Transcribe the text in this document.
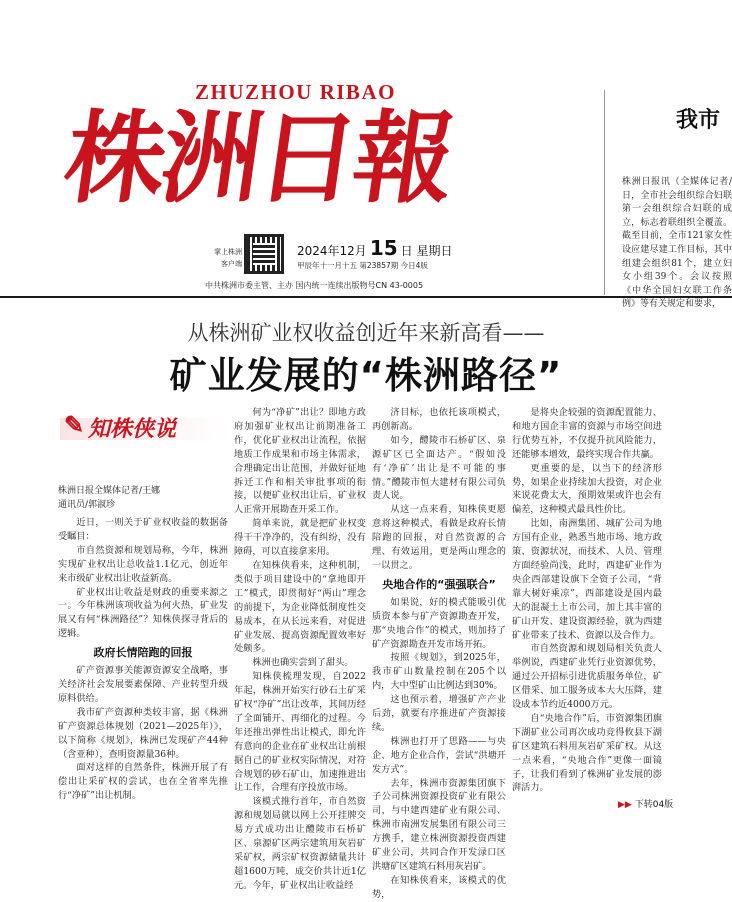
ZHUZHOU RIBAO
株洲日報
掌上株洲
客户端
2024年12月 15 日 星期日
甲辰年十一月十五 第23857期 今日4版
中共株洲市委主管、主办 国内统一连续出版物号CN 43-0005
我市
株洲日报讯（全媒体记者/日，全市社会组织综合妇联第一会组织综合妇联的成立，标志着联组织全覆盖。截至目前，全市121家女性设应建尽建工作目标，其中组建会组织81个，建立妇女小组39个。会议按照《中华全国妇女联工作条例》等有关规定和要求，
从株洲矿业权收益创近年来新高看——
矿业发展的“株洲路径”
✎ 知株侠说
株洲日报全媒体记者/王娜
通讯员/郭淑珍

近日，一则关于矿业权收益的数据备受瞩目：

市自然资源和规划局称，今年，株洲实现矿业权出让总收益1.1亿元，创近年来市级矿业权出让收益新高。

矿业权出让收益是财政的重要来源之一。今年株洲该项收益为何火热，矿业发展又有何“株洲路径”？知株侠探寻背后的逻辑。

政府长情陪跑的回报

矿产资源事关能源资源安全战略，事关经济社会发展要素保障、产业转型升级原料供给。

我市矿产资源种类较丰富，据《株洲矿产资源总体规划（2021—2025年）》，以下简称《规划》，株洲已发现矿产44种（含亚种），查明资源量36种。

面对这样的自然条件，株洲开展了有偿出让采矿权的尝试，也在全省率先推行“净矿”出让机制。

何为“净矿”出让？即地方政府加强矿业权出让前期准备工作，优化矿业权出让流程，依据地质工作成果和市场主体需求，合理确定出让范围，并做好征地拆迁工作和相关审批事项的衔接，以便矿业权出让后，矿业权人正常开展勘查开采工作。

简单来说，就是把矿业权变得干干净净的，没有纠纷，没有障碍，可以直接拿来用。

在知株侠看来，这种机制，类似于项目建设中的“拿地即开工”模式，即贯彻好“两山”理念的前提下，为企业降低制度性交易成本，在从长远来看，对促进矿业发展、提高资源配置效率好处颇多。

株洲也确实尝到了甜头。

知株侠梳理发现，自2022年起，株洲开始实行砂石土矿采矿权“净矿”出让改革，其间历经了全面铺开、再细化的过程。今年还推出弹性出让模式，即允许有意向的企业在矿业权出让前根据自己的矿业权实际情况，对符合规划的砂石矿山，加速推进出让工作，合理有序投放市场。

该模式推行首年，市自然资源和规划局就以网上公开挂牌交易方式成功出让醴陵市石桥矿区、泉源矿区两宗建筑用灰岩矿采矿权，两宗矿权资源储量共计超1600万吨，成交价共计近1亿元。今年，矿业权出让收益经

济目标，也依托该项模式，再创新高。

如今，醴陵市石桥矿区、泉源矿区已全面达产。“假如没有‘净矿’出让是不可能的事情。”醴陵市恒大建材有限公司负责人说。

从这一点来看，知株侠更愿意将这种模式，看做是政府长情陪跑的回报，对自然资源的合理、有效运用，更是两山理念的一以贯之。

央地合作的“强强联合”

如果说，好的模式能吸引优质资本参与矿产资源勘查开发，那“央地合作”的模式，则加持了矿产资源勘查开发市场开拓。

按照《规划》，到2025年，我市矿山数量控制在205个以内，大中型矿山比例达到30%。

这也预示着，增强矿产产业后劲，就要有序推进矿产资源接续。

株洲也打开了思路——与央企、地方企业合作，尝试“洪塘开发方式”。

去年，株洲市资源集团旗下子公司株洲资源投资矿业有限公司，与中建西建矿业有限公司、株洲市南洲发展集团有限公司三方携手，建立株洲资源投资西建矿业公司，共同合作开发渌口区洪塘矿区建筑石料用灰岩矿。

在知株侠看来，该模式的优势，

是将央企较强的资源配置能力、和地方国企丰富的资源与市场空间进行优势互补，不仅提升抗风险能力，还能够本增效，最终实现合作共赢。

更重要的是，以当下的经济形势，如果企业持续加大投资，对企业来说花费太大，预期效果或许也会有偏差，这种模式最具性价比。

比如，南洲集团、城矿公司为地方国有企业，熟悉当地市场、地方政策、资源状况，而技术、人员、管理方面经验尚浅，此时，西建矿业作为央企西部建设旗下全资子公司，“背靠大树好乘凉”，西部建设是国内最大的混凝土上市公司，加上其丰富的矿山开发、建设资源经验，就为西建矿业带来了技术、资源以及合作力。

市自然资源和规划局相关负责人举例说，西建矿业凭行业资源优势，通过公开招标引进优质服务单位，矿区借采、加工服务成本大大压降，建设成本节约近4000万元。

自“央地合作”后，市资源集团旗下湖矿业公司再次成功竞得攸县下湖矿区建筑石料用灰岩矿采矿权。从这一点来看，“央地合作”更像一面镜子，让我们看到了株洲矿业发展的澎湃活力。

▶▶ 下转04版
